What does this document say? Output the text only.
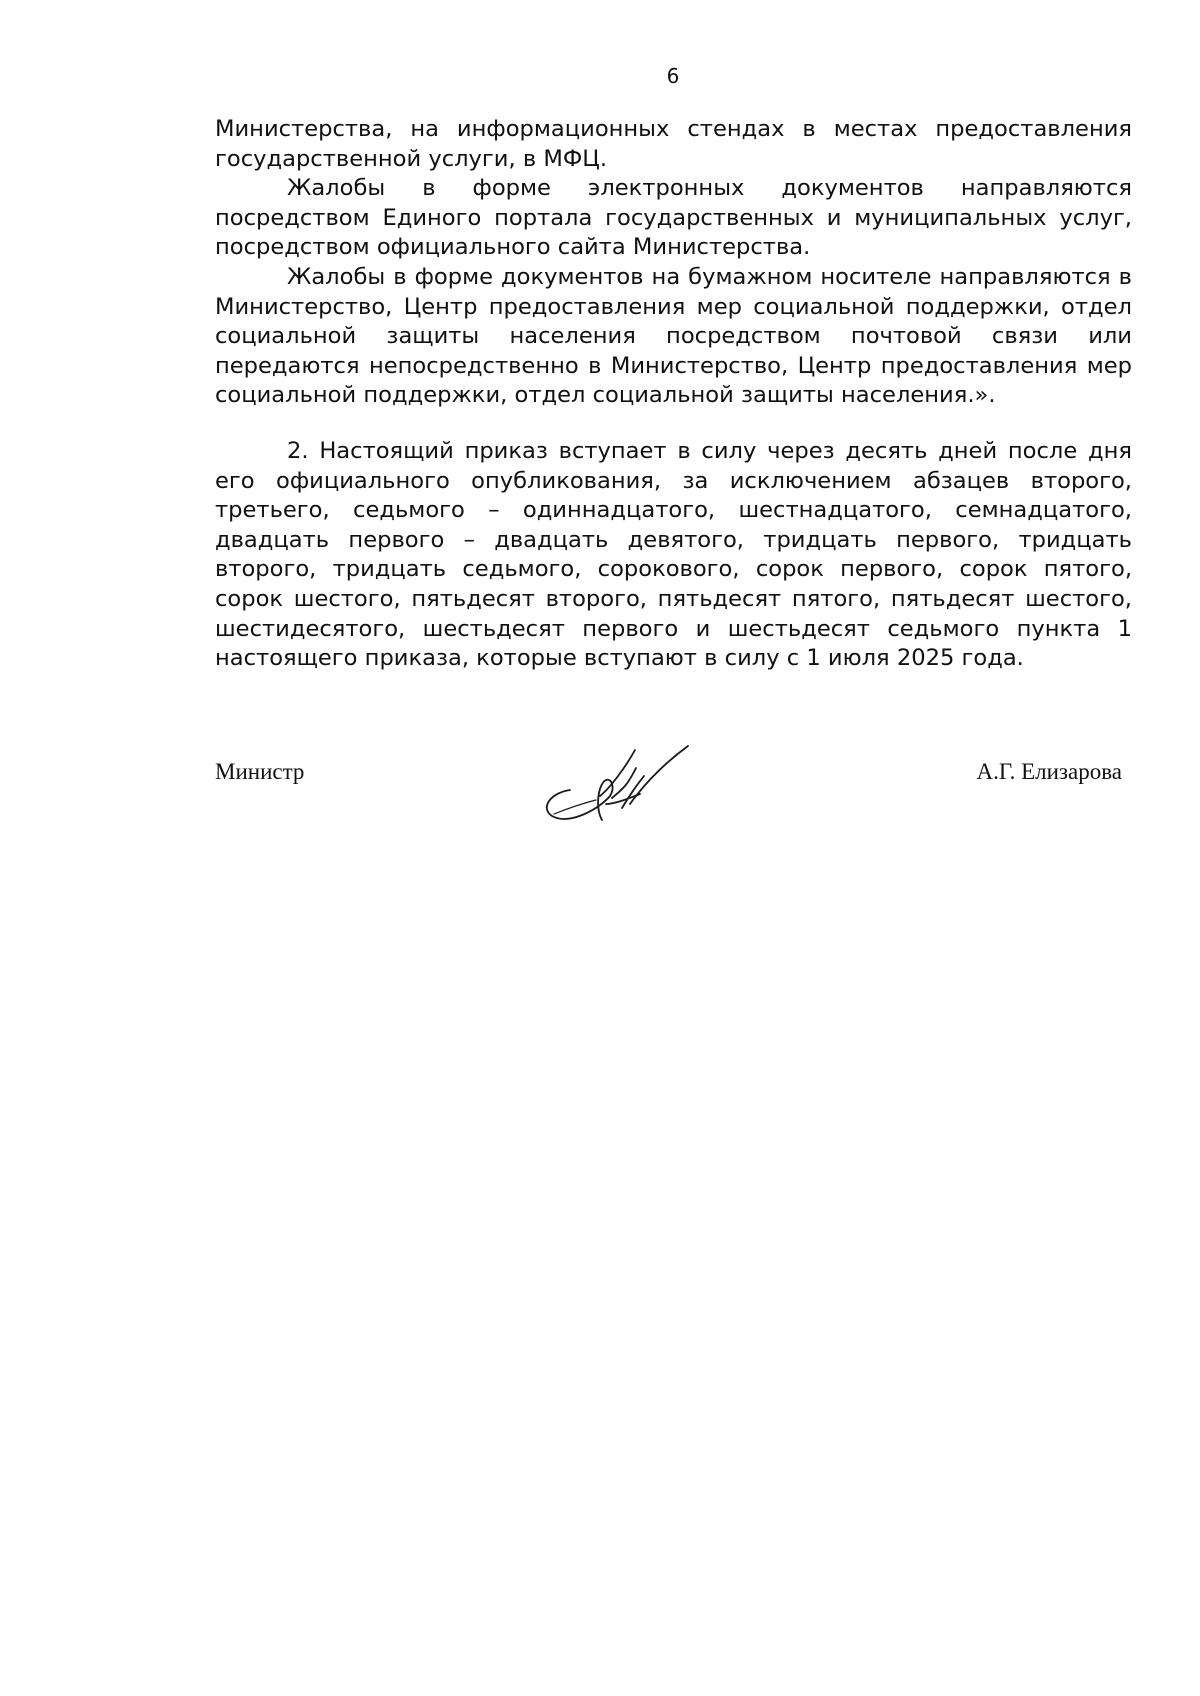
6

Министерства, на информационных стендах в местах предоставления государственной услуги, в МФЦ.

Жалобы в форме электронных документов направляются посредством Единого портала государственных и муниципальных услуг, посредством официального сайта Министерства.

Жалобы в форме документов на бумажном носителе направляются в Министерство, Центр предоставления мер социальной поддержки, отдел социальной защиты населения посредством почтовой связи или передаются непосредственно в Министерство, Центр предоставления мер социальной поддержки, отдел социальной защиты населения.».

2. Настоящий приказ вступает в силу через десять дней после дня его официального опубликования, за исключением абзацев второго, третьего, седьмого – одиннадцатого, шестнадцатого, семнадцатого, двадцать первого – двадцать девятого, тридцать первого, тридцать второго, тридцать седьмого, сорокового, сорок первого, сорок пятого, сорок шестого, пятьдесят второго, пятьдесят пятого, пятьдесят шестого, шестидесятого, шестьдесят первого и шестьдесят седьмого пункта 1 настоящего приказа, которые вступают в силу с 1 июля 2025 года.

Министр	А.Г. Елизарова
